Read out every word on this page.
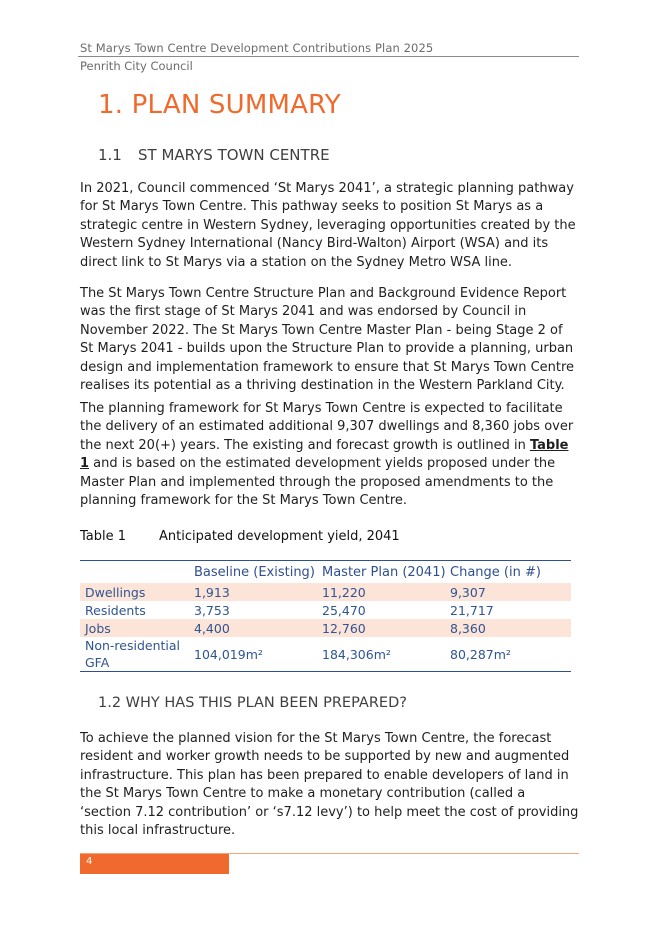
St Marys Town Centre Development Contributions Plan 2025
Penrith City Council
1. PLAN SUMMARY
1.1 ST MARYS TOWN CENTRE

In 2021, Council commenced ‘St Marys 2041’, a strategic planning pathway for St Marys Town Centre. This pathway seeks to position St Marys as a strategic centre in Western Sydney, leveraging opportunities created by the Western Sydney International (Nancy Bird-Walton) Airport (WSA) and its direct link to St Marys via a station on the Sydney Metro WSA line.

The St Marys Town Centre Structure Plan and Background Evidence Report was the first stage of St Marys 2041 and was endorsed by Council in November 2022. The St Marys Town Centre Master Plan - being Stage 2 of St Marys 2041 - builds upon the Structure Plan to provide a planning, urban design and implementation framework to ensure that St Marys Town Centre realises its potential as a thriving destination in the Western Parkland City.

The planning framework for St Marys Town Centre is expected to facilitate the delivery of an estimated additional 9,307 dwellings and 8,360 jobs over the next 20(+) years. The existing and forecast growth is outlined in Table 1 and is based on the estimated development yields proposed under the Master Plan and implemented through the proposed amendments to the planning framework for the St Marys Town Centre.

Table 1	Anticipated development yield, 2041
	Baseline (Existing)	Master Plan (2041)	Change (in #)
Dwellings	1,913	11,220	9,307
Residents	3,753	25,470	21,717
Jobs	4,400	12,760	8,360
Non-residential GFA	104,019m²	184,306m²	80,287m²
1.2 WHY HAS THIS PLAN BEEN PREPARED?

To achieve the planned vision for the St Marys Town Centre, the forecast resident and worker growth needs to be supported by new and augmented infrastructure. This plan has been prepared to enable developers of land in the St Marys Town Centre to make a monetary contribution (called a ‘section 7.12 contribution’ or ‘s7.12 levy’) to help meet the cost of providing this local infrastructure.

4
